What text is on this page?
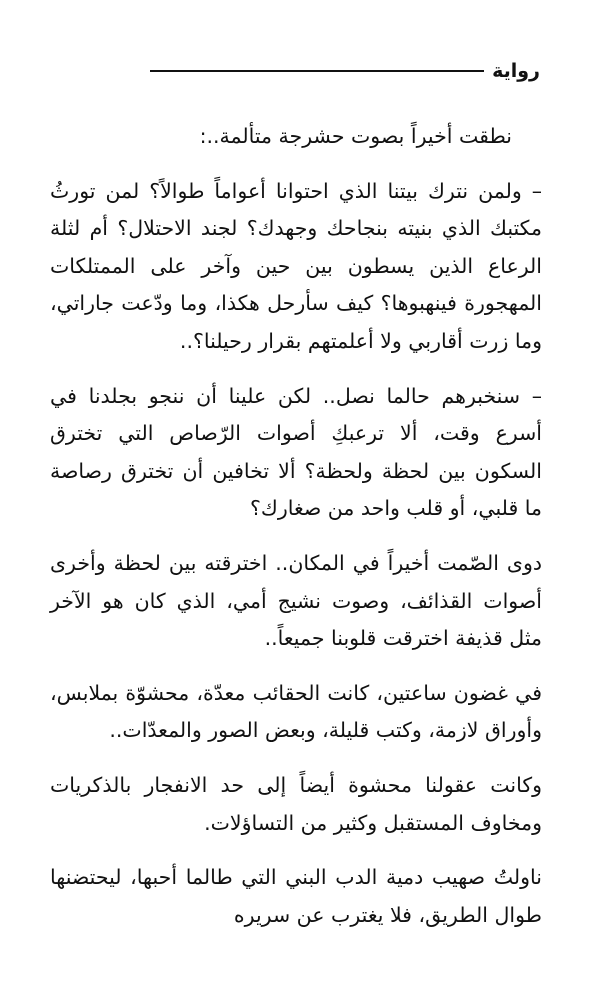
رواية

نطقت أخيراً بصوت حشرجة متألمة..:

– ولمن نترك بيتنا الذي احتوانا أعواماً طوالاً؟ لمن تورثُ مكتبك الذي بنيته بنجاحك وجهدك؟ لجند الاحتلال؟ أم لثلة الرعاع الذين يسطون بين حين وآخر على الممتلكات المهجورة فينهبوها؟ كيف سأرحل هكذا، وما ودّعت جاراتي، وما زرت أقاربي ولا أعلمتهم بقرار رحيلنا؟..

– سنخبرهم حالما نصل.. لكن علينا أن ننجو بجلدنا في أسرع وقت، ألا ترعبكِ أصوات الرّصاص التي تخترق السكون بين لحظة ولحظة؟ ألا تخافين أن تخترق رصاصة ما قلبي، أو قلب واحد من صغارك؟

دوى الصّمت أخيراً في المكان.. اخترقته بين لحظة وأخرى أصوات القذائف، وصوت نشيج أمي، الذي كان هو الآخر مثل قذيفة اخترقت قلوبنا جميعاً..

في غضون ساعتين، كانت الحقائب معدّة، محشوّة بملابس، وأوراق لازمة، وكتب قليلة، وبعض الصور والمعدّات..

وكانت عقولنا محشوة أيضاً إلى حد الانفجار بالذكريات ومخاوف المستقبل وكثير من التساؤلات.

ناولتُ صهيب دمية الدب البني التي طالما أحبها، ليحتضنها طوال الطريق، فلا يغترب عن سريره
